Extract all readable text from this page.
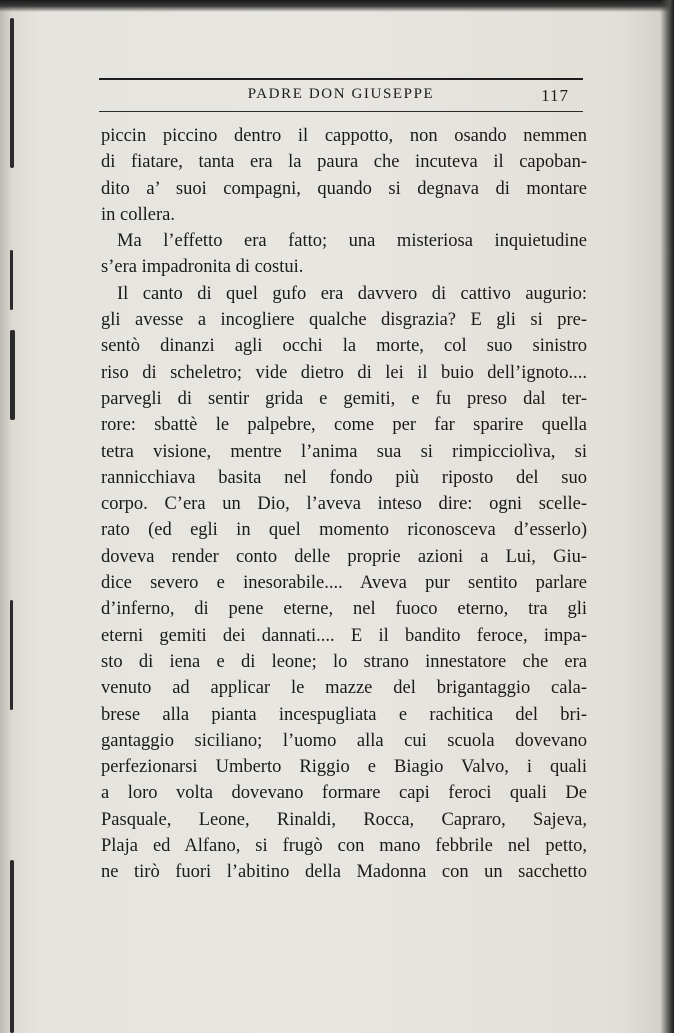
PADRE DON GIUSEPPE	117
piccin piccino dentro il cappotto, non osando nemmen
di fiatare, tanta era la paura che incuteva il capoban-
dito a’ suoi compagni, quando si degnava di montare
in collera.
Ma l’effetto era fatto; una misteriosa inquietudine
s’era impadronita di costui.
Il canto di quel gufo era davvero di cattivo augurio:
gli avesse a incogliere qualche disgrazia? E gli si pre-
sentò dinanzi agli occhi la morte, col suo sinistro
riso di scheletro; vide dietro di lei il buio dell’ignoto....
parvegli di sentir grida e gemiti, e fu preso dal ter-
rore: sbattè le palpebre, come per far sparire quella
tetra visione, mentre l’anima sua si rimpicciolìva, si
rannicchiava basita nel fondo più riposto del suo
corpo. C’era un Dio, l’aveva inteso dire: ogni scelle-
rato (ed egli in quel momento riconosceva d’esserlo)
doveva render conto delle proprie azioni a Lui, Giu-
dice severo e inesorabile.... Aveva pur sentito parlare
d’inferno, di pene eterne, nel fuoco eterno, tra gli
eterni gemiti dei dannati.... E il bandito feroce, impa-
sto di iena e di leone; lo strano innestatore che era
venuto ad applicar le mazze del brigantaggio cala-
brese alla pianta incespugliata e rachitica del bri-
gantaggio siciliano; l’uomo alla cui scuola dovevano
perfezionarsi Umberto Riggio e Biagio Valvo, i quali
a loro volta dovevano formare capi feroci quali De
Pasquale, Leone, Rinaldi, Rocca, Capraro, Sajeva,
Plaja ed Alfano, si frugò con mano febbrile nel petto,
ne tirò fuori l’abitino della Madonna con un sacchetto
